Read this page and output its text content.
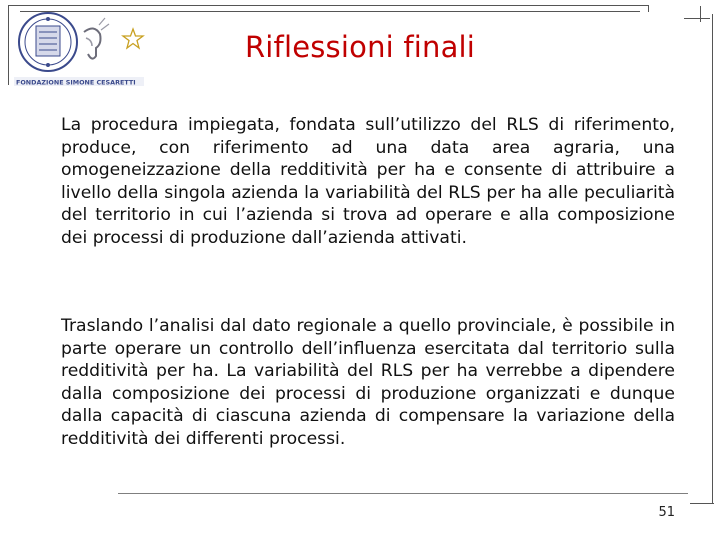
FONDAZIONE SIMONE CESARETTI
Riflessioni finali

La procedura impiegata, fondata sull’utilizzo del RLS di riferimento, produce, con riferimento ad una data area agraria, una omogeneizzazione della redditività per ha e consente di attribuire a livello della singola azienda la variabilità del RLS per ha alle peculiarità del territorio in cui l’azienda si trova ad operare e alla composizione dei processi di produzione dall’azienda attivati.

Traslando l’analisi dal dato regionale a quello provinciale, è possibile in parte operare un controllo dell’influenza esercitata dal territorio sulla redditività per ha. La variabilità del RLS per ha verrebbe a dipendere dalla composizione dei processi di produzione organizzati e dunque dalla capacità di ciascuna azienda di compensare la variazione della redditività dei differenti processi.

51
